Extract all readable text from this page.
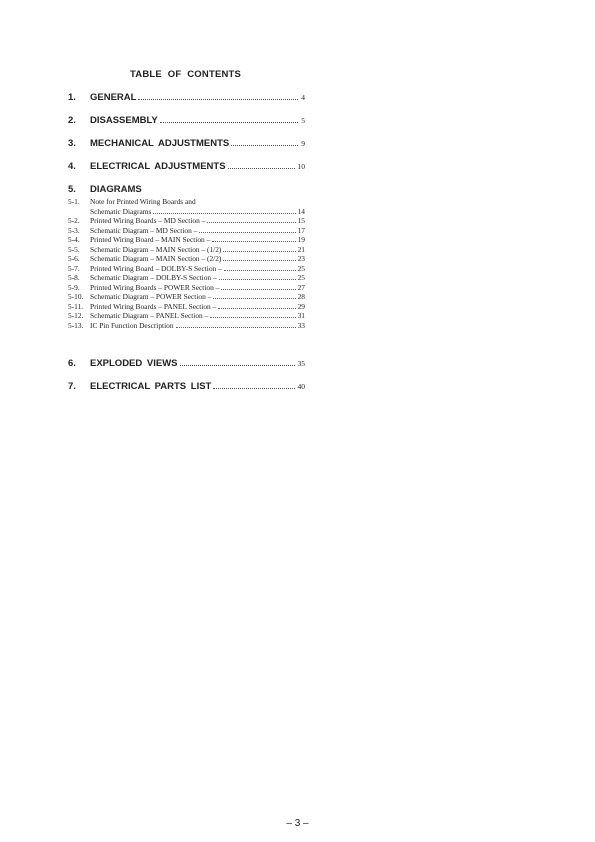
TABLE OF CONTENTS
1.	GENERAL	4
2.	DISASSEMBLY	5
3.	MECHANICAL ADJUSTMENTS	9
4.	ELECTRICAL ADJUSTMENTS	10
5.	DIAGRAMS
5-1.	Note for Printed Wiring Boards and
Schematic Diagrams	14
5-2.	Printed Wiring Boards – MD Section –	15
5-3.	Schematic Diagram – MD Section –	17
5-4.	Printed Wiring Board – MAIN Section –	19
5-5.	Schematic Diagram – MAIN Section – (1/2)	21
5-6.	Schematic Diagram – MAIN Section – (2/2)	23
5-7.	Printed Wiring Board – DOLBY-S Section –	25
5-8.	Schematic Diagram – DOLBY-S Section –	25
5-9.	Printed Wiring Boards – POWER Section –	27
5-10. Schematic Diagram – POWER Section –	28
5-11. Printed Wiring Boards – PANEL Section –	29
5-12. Schematic Diagram – PANEL Section –	31
5-13. IC Pin Function Description	33
6.	EXPLODED VIEWS	35
7.	ELECTRICAL PARTS LIST	40
– 3 –
